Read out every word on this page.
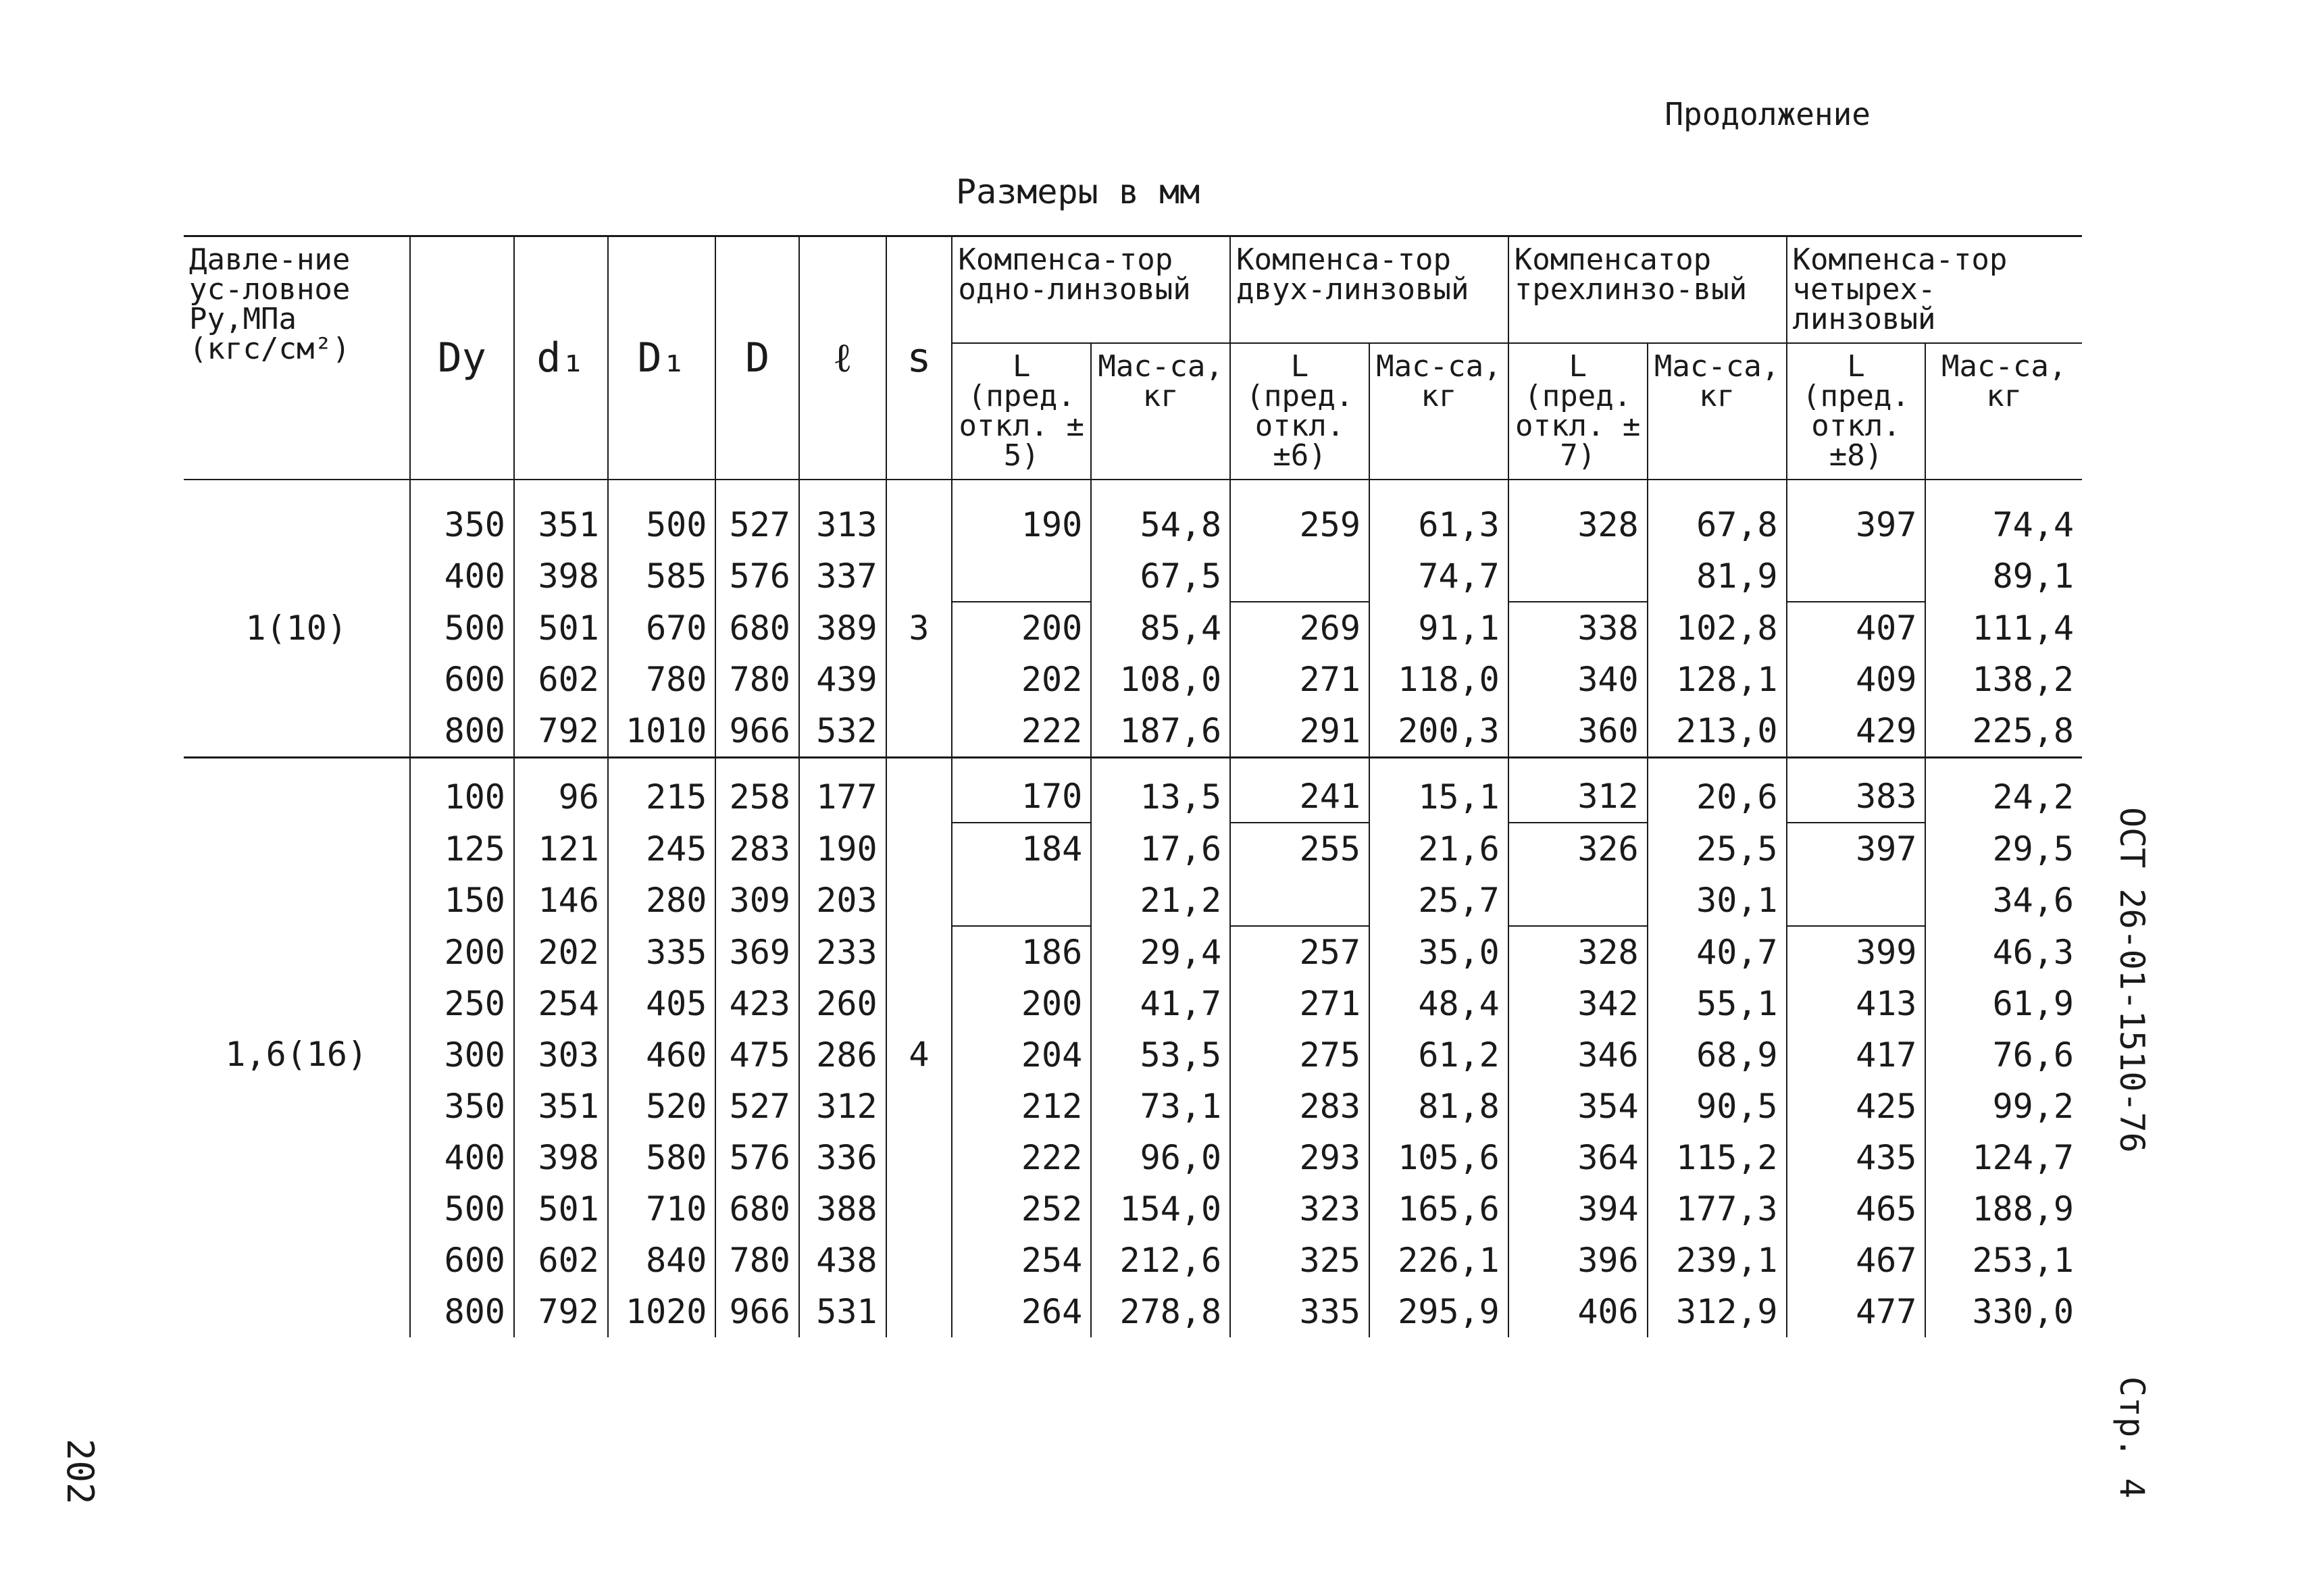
Продолжение
Размеры в мм
ОСТ 26-01-1510-76           Стр. 4
202
Давле-ние ус-ловное Ру,МПа (кгс/см²)	Dу	d₁	D₁	D	ℓ	s	Компенса-тор одно-линзовый		Компенса-тор двух-линзовый		Компенсатор трехлинзо-вый		Компенса-тор четырех-линзовый	
							L (пред. откл. ± 5)	Мас-са, кг	L (пред. откл. ±6)	Мас-са, кг	L (пред. откл. ± 7)	Мас-са, кг	L (пред. откл. ±8)	Мас-са, кг
1(10)	350	351	500	527	313	3	190	54,8	259	61,3	328	67,8	397	74,4
	400	398	585	576	337			67,5		74,7		81,9		89,1
	500	501	670	680	389		200	85,4	269	91,1	338	102,8	407	111,4
	600	602	780	780	439		202	108,0	271	118,0	340	128,1	409	138,2
	800	792	1010	966	532		222	187,6	291	200,3	360	213,0	429	225,8
1,6(16)	100	96	215	258	177	4	170	13,5	241	15,1	312	20,6	383	24,2
	125	121	245	283	190		184	17,6	255	21,6	326	25,5	397	29,5
	150	146	280	309	203			21,2		25,7		30,1		34,6
	200	202	335	369	233		186	29,4	257	35,0	328	40,7	399	46,3
	250	254	405	423	260		200	41,7	271	48,4	342	55,1	413	61,9
	300	303	460	475	286		204	53,5	275	61,2	346	68,9	417	76,6
	350	351	520	527	312		212	73,1	283	81,8	354	90,5	425	99,2
	400	398	580	576	336		222	96,0	293	105,6	364	115,2	435	124,7
	500	501	710	680	388		252	154,0	323	165,6	394	177,3	465	188,9
	600	602	840	780	438		254	212,6	325	226,1	396	239,1	467	253,1
	800	792	1020	966	531		264	278,8	335	295,9	406	312,9	477	330,0
